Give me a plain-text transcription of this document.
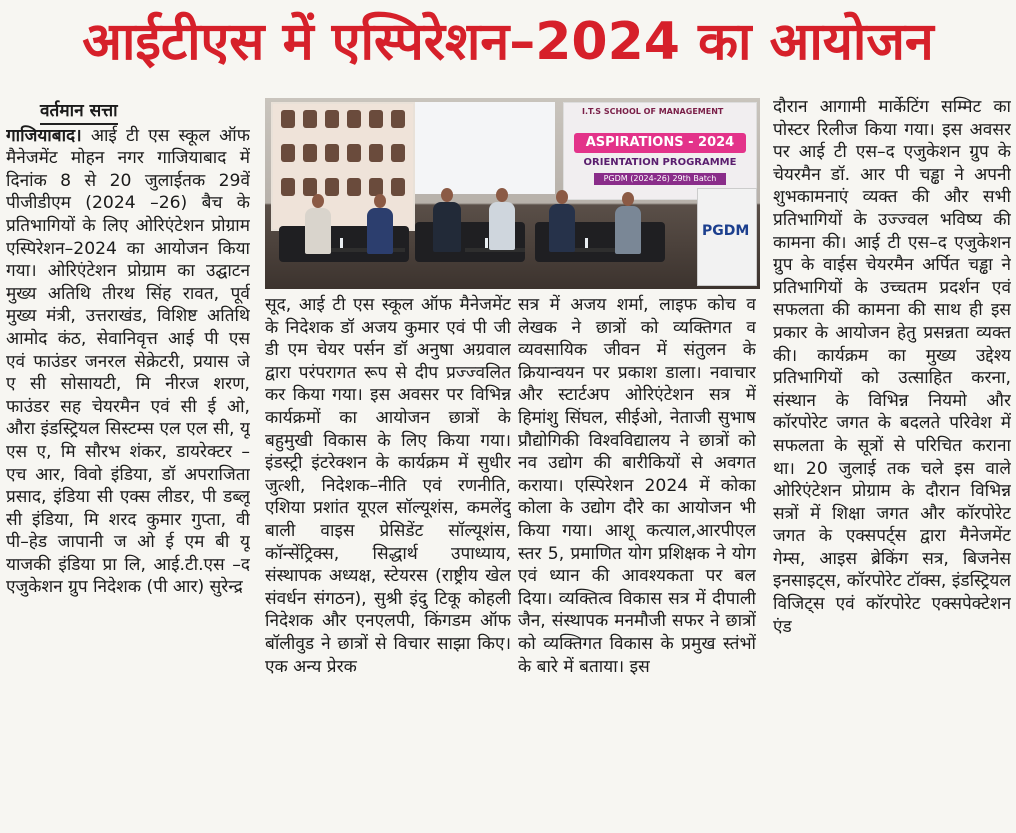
आईटीएस में एस्पिरेशन–2024 का आयोजन

वर्तमान सत्ता
गाजियाबाद। आई टी एस स्कूल ऑफ मैनेजमेंट मोहन नगर गाजियाबाद में दिनांक 8 से 20 जुलाईतक 29वें पीजीडीएम (2024 –26) बैच के प्रतिभागियों के लिए ओरिएंटेशन प्रोग्राम एस्पिरेशन–2024 का आयोजन किया गया। ओरिएंटेशन प्रोग्राम का उद्घाटन मुख्य अतिथि तीरथ सिंह रावत, पूर्व मुख्य मंत्री, उत्तराखंड, विशिष्ट अतिथि आमोद कंठ, सेवानिवृत्त आई पी एस एवं फाउंडर जनरल सेक्रेटरी, प्रयास जे ए सी सोसायटी, मि नीरज शरण, फाउंडर सह चेयरमैन एवं सी ई ओ, औरा इंडस्ट्रियल सिस्टम्स एल एल सी, यू एस ए, मि सौरभ शंकर, डायरेक्टर – एच आर, विवो इंडिया, डॉ अपराजिता प्रसाद, इंडिया सी एक्स लीडर, पी डब्लू सी इंडिया, मि शरद कुमार गुप्ता, वी पी–हेड जापानी ज ओ ई एम बी यू याजकी इंडिया प्रा लि, आई.टी.एस –द एजुकेशन ग्रुप निदेशक (पी आर) सुरेन्द्र

I.T.S SCHOOL OF MANAGEMENT
ASPIRATIONS - 2024
ORIENTATION PROGRAMME
PGDM (2024-26) 29th Batch
PGDM

सूद, आई टी एस स्कूल ऑफ मैनेजमेंट के निदेशक डॉ अजय कुमार एवं पी जी डी एम चेयर पर्सन डॉ अनुषा अग्रवाल द्वारा परंपरागत रूप से दीप प्रज्ज्वलित कर किया गया। इस अवसर पर विभिन्न कार्यक्रमों का आयोजन छात्रों के बहुमुखी विकास के लिए किया गया। इंडस्ट्री इंटरेक्शन के कार्यक्रम में सुधीर जुत्शी, निदेशक–नीति एवं रणनीति, एशिया प्रशांत यूएल सॉल्यूशंस, कमलेंदु बाली वाइस प्रेसिडेंट सॉल्यूशंस, कॉन्सेंट्रिक्स, सिद्धार्थ उपाध्याय, संस्थापक अध्यक्ष, स्टेयरस (राष्ट्रीय खेल संवर्धन संगठन), सुश्री इंदु टिकू कोहली निदेशक और एनएलपी, किंगडम ऑफ बॉलीवुड ने छात्रों से विचार साझा किए। एक अन्य प्रेरक

सत्र में अजय शर्मा, लाइफ कोच व लेखक ने छात्रों को व्यक्तिगत व व्यवसायिक जीवन में संतुलन के क्रियान्वयन पर प्रकाश डाला। नवाचार और स्टार्टअप ओरिएंटेशन सत्र में हिमांशु सिंघल, सीईओ, नेताजी सुभाष प्रौद्योगिकी विश्वविद्यालय ने छात्रों को नव उद्योग की बारीकियों से अवगत कराया। एस्पिरेशन 2024 में कोका कोला के उद्योग दौरे का आयोजन भी किया गया। आशू कत्याल,आरपीएल स्तर 5, प्रमाणित योग प्रशिक्षक ने योग एवं ध्यान की आवश्यकता पर बल दिया। व्यक्तित्व विकास सत्र में दीपाली जैन, संस्थापक मनमौजी सफर ने छात्रों को व्यक्तिगत विकास के प्रमुख स्तंभों के बारे में बताया। इस

दौरान आगामी मार्केटिंग सम्मिट का पोस्टर रिलीज किया गया। इस अवसर पर आई टी एस–द एजुकेशन ग्रुप के चेयरमैन डॉ. आर पी चड्ढा ने अपनी शुभकामनाएं व्यक्त की और सभी प्रतिभागियों के उज्ज्वल भविष्य की कामना की। आई टी एस–द एजुकेशन ग्रुप के वाईस चेयरमैन अर्पित चड्ढा ने प्रतिभागियों के उच्चतम प्रदर्शन एवं सफलता की कामना की साथ ही इस प्रकार के आयोजन हेतु प्रसन्नता व्यक्त की। कार्यक्रम का मुख्य उद्देश्य प्रतिभागियों को उत्साहित करना, संस्थान के विभिन्न नियमो और कॉरपोरेट जगत के बदलते परिवेश में सफलता के सूत्रों से परिचित कराना था। 20 जुलाई तक चले इस वाले ओरिएंटेशन प्रोग्राम के दौरान विभिन्न सत्रों में शिक्षा जगत और कॉरपोरेट जगत के एक्सपर्ट्स द्वारा मैनेजमेंट गेम्स, आइस ब्रेकिंग सत्र, बिजनेस इनसाइट्स, कॉरपोरेट टॉक्स, इंडस्ट्रियल विजिट्स एवं कॉरपोरेट एक्सपेक्टेशन एंड
